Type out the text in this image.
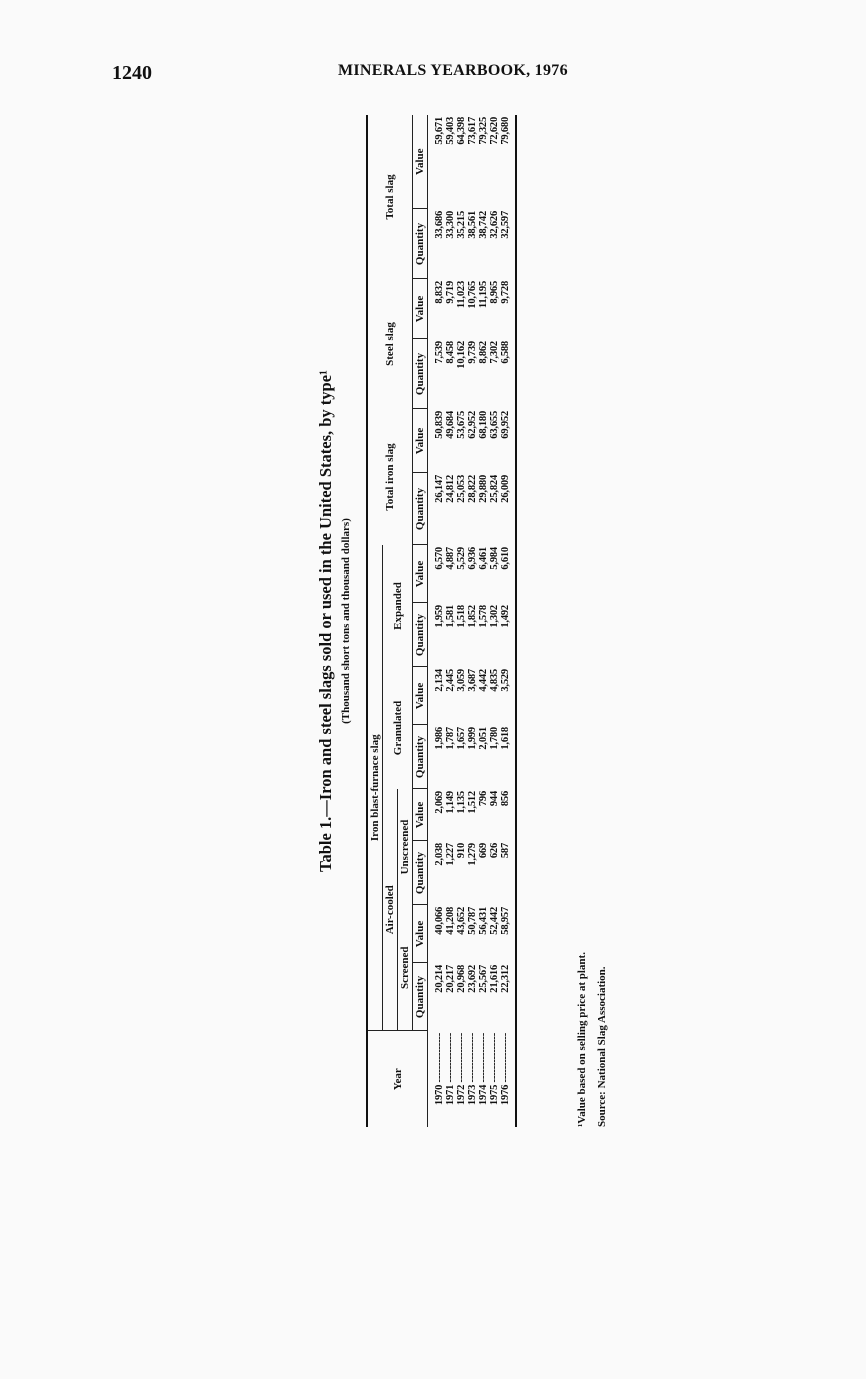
1240	MINERALS YEARBOOK, 1976
Table 1.—Iron and steel slags sold or used in the United States, by type¹ (Thousand short tons and thousand dollars)
Year	Iron blast-furnace slag								Total iron slag		Steel slag		Total slag	
	Air-cooled				Granulated		Expanded							
	Screened		Unscreened											
	Quantity	Value	Quantity	Value	Quantity	Value	Quantity	Value	Quantity	Value	Quantity	Value	Quantity	Value
1970 ---------------	20,214	40,066	2,038	2,069	1,986	2,134	1,959	6,570	26,147	50,839	7,539	8,832	33,686	59,671
1971 ---------------	20,217	41,208	1,227	1,149	1,787	2,445	1,581	4,887	24,812	49,684	8,458	9,719	33,300	59,403
1972 ---------------	20,968	43,652	910	1,135	1,657	3,059	1,518	5,529	25,053	53,675	10,162	11,023	35,215	64,398
1973 ---------------	23,692	50,787	1,279	1,512	1,999	3,687	1,852	6,936	28,822	62,952	9,739	10,765	38,561	73,617
1974 ---------------	25,567	56,431	669	796	2,051	4,442	1,578	6,461	29,880	68,180	8,862	11,195	38,742	79,325
1975 ---------------	21,616	52,442	626	944	1,780	4,835	1,302	5,984	25,824	63,655	7,302	8,965	32,626	72,620
1976 ---------------	22,312	58,957	587	856	1,618	3,529	1,492	6,610	26,009	69,952	6,588	9,728	32,597	79,680
¹Value based on selling price at plant. Source: National Slag Association.
